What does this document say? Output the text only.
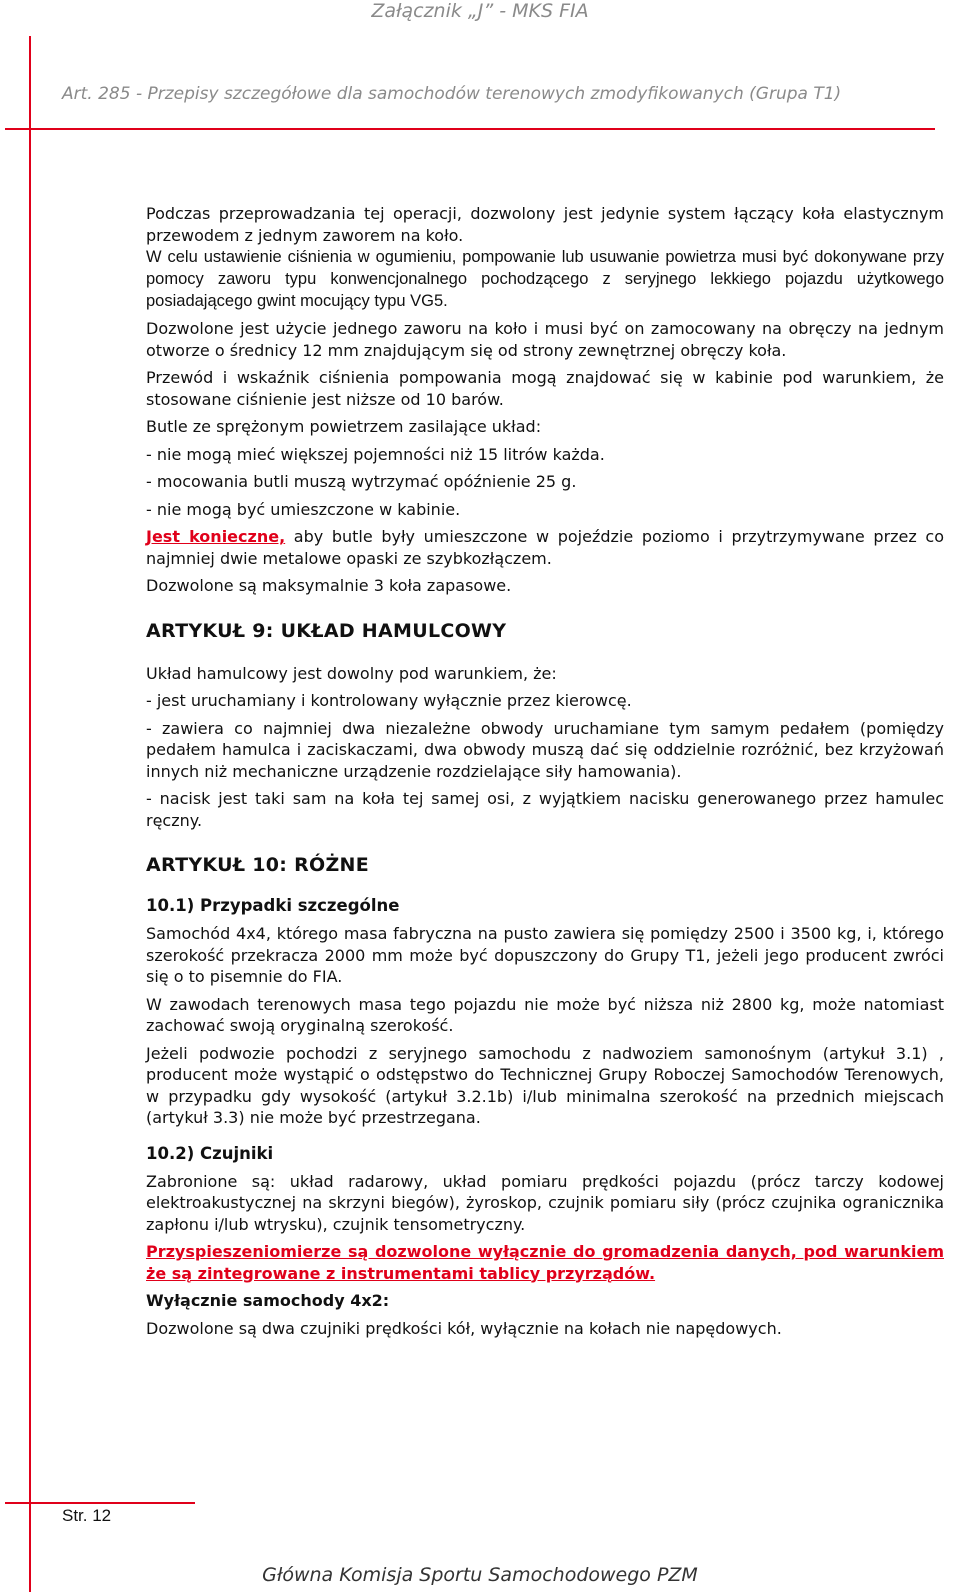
Załącznik „J” - MKS FIA
Art. 285 - Przepisy szczegółowe dla samochodów terenowych zmodyfikowanych (Grupa T1)

Podczas przeprowadzania tej operacji, dozwolony jest jedynie system łączący koła elastycznym przewodem z jednym zaworem na koło.

W celu ustawienie ciśnienia w ogumieniu, pompowanie lub usuwanie powietrza musi być dokonywane przy pomocy zaworu typu konwencjonalnego pochodzącego z seryjnego lekkiego pojazdu użytkowego posiadającego gwint mocujący typu VG5.

Dozwolone jest użycie jednego zaworu na koło i musi być on zamocowany na obręczy na jednym otworze o średnicy 12 mm znajdującym się od strony zewnętrznej obręczy koła.

Przewód i wskaźnik ciśnienia pompowania mogą znajdować się w kabinie pod warunkiem, że stosowane ciśnienie jest niższe od 10 barów.

Butle ze sprężonym powietrzem zasilające układ:

- nie mogą mieć większej pojemności niż 15 litrów każda.

- mocowania butli muszą wytrzymać opóźnienie 25 g.

- nie mogą być umieszczone w kabinie.

Jest konieczne, aby butle były umieszczone w pojeździe poziomo i przytrzymywane przez co najmniej dwie metalowe opaski ze szybkozłączem.

Dozwolone są maksymalnie 3 koła zapasowe.

ARTYKUŁ 9: UKŁAD HAMULCOWY

Układ hamulcowy jest dowolny pod warunkiem, że:

- jest uruchamiany i kontrolowany wyłącznie przez kierowcę.

- zawiera co najmniej dwa niezależne obwody uruchamiane tym samym pedałem (pomiędzy pedałem hamulca i zaciskaczami, dwa obwody muszą dać się oddzielnie rozróżnić, bez krzyżowań innych niż mechaniczne urządzenie rozdzielające siły hamowania).

- nacisk jest taki sam na koła tej samej osi, z wyjątkiem nacisku generowanego przez hamulec ręczny.

ARTYKUŁ 10: RÓŻNE
10.1) Przypadki szczególne

Samochód 4x4, którego masa fabryczna na pusto zawiera się pomiędzy 2500 i 3500 kg, i, którego szerokość przekracza 2000 mm może być dopuszczony do Grupy T1, jeżeli jego producent zwróci się o to pisemnie do FIA.

W zawodach terenowych masa tego pojazdu nie może być niższa niż 2800 kg, może natomiast zachować swoją oryginalną szerokość.

Jeżeli podwozie pochodzi z seryjnego samochodu z nadwoziem samonośnym (artykuł 3.1) , producent może wystąpić o odstępstwo do Technicznej Grupy Roboczej Samochodów Terenowych, w przypadku gdy wysokość (artykuł 3.2.1b) i/lub minimalna szerokość na przednich miejscach (artykuł 3.3) nie może być przestrzegana.

10.2) Czujniki

Zabronione są: układ radarowy, układ pomiaru prędkości pojazdu (prócz tarczy kodowej elektroakustycznej na skrzyni biegów), żyroskop, czujnik pomiaru siły (prócz czujnika ogranicznika zapłonu i/lub wtrysku), czujnik tensometryczny.

Przyspieszeniomierze są dozwolone wyłącznie do gromadzenia danych, pod warunkiem że są zintegrowane z instrumentami tablicy przyrządów.

Wyłącznie samochody 4x2:

Dozwolone są dwa czujniki prędkości kół, wyłącznie na kołach nie napędowych.

Str. 12
Główna Komisja Sportu Samochodowego PZM
